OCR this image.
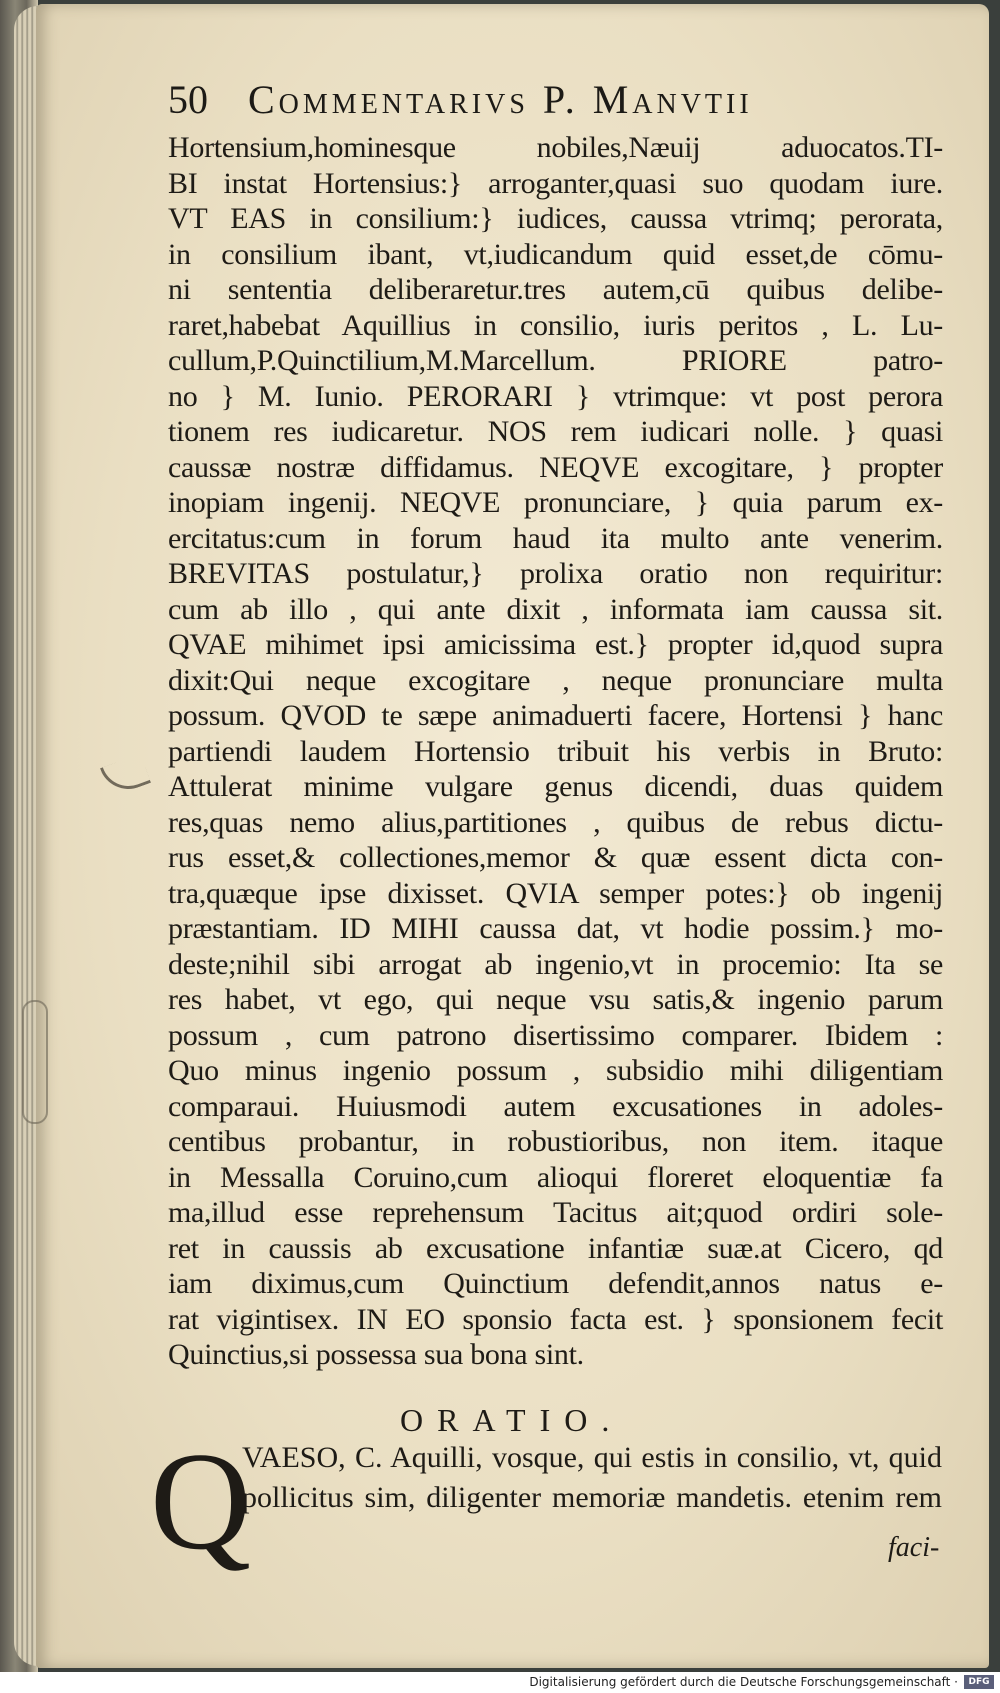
50 Commentarivs P. Manvtii
Hortensium,hominesque nobiles,Næuij aduocatos.TI-
BI instat Hortensius:} arroganter,quasi suo quodam iure.
VT EAS in consilium:} iudices, caussa vtrimq; perorata,
in consilium ibant, vt,iudicandum quid esset,de cōmu-
ni sententia deliberaretur.tres autem,cū quibus delibe-
raret,habebat Aquillius in consilio, iuris peritos , L. Lu-
cullum,P.Quinctilium,M.Marcellum. PRIORE patro-
no } M. Iunio. PERORARI } vtrimque: vt post perora
tionem res iudicaretur. NOS rem iudicari nolle. } quasi
caussæ nostræ diffidamus. NEQVE excogitare, } propter
inopiam ingenij. NEQVE pronunciare, } quia parum ex-
ercitatus:cum in forum haud ita multo ante venerim.
BREVITAS postulatur,} prolixa oratio non requiritur:
cum ab illo , qui ante dixit , informata iam caussa sit.
QVAE mihimet ipsi amicissima est.} propter id,quod supra
dixit:Qui neque excogitare , neque pronunciare multa
possum. QVOD te sæpe animaduerti facere, Hortensi } hanc
partiendi laudem Hortensio tribuit his verbis in Bruto:
Attulerat minime vulgare genus dicendi, duas quidem
res,quas nemo alius,partitiones , quibus de rebus dictu-
rus esset,& collectiones,memor & quæ essent dicta con-
tra,quæque ipse dixisset. QVIA semper potes:} ob ingenij
præstantiam. ID MIHI caussa dat, vt hodie possim.} mo-
deste;nihil sibi arrogat ab ingenio,vt in procemio: Ita se
res habet, vt ego, qui neque vsu satis,& ingenio parum
possum , cum patrono disertissimo comparer. Ibidem :
Quo minus ingenio possum , subsidio mihi diligentiam
comparaui. Huiusmodi autem excusationes in adoles-
centibus probantur, in robustioribus, non item. itaque
in Messalla Coruino,cum alioqui floreret eloquentiæ fa
ma,illud esse reprehensum Tacitus ait;quod ordiri sole-
ret in caussis ab excusatione infantiæ suæ.at Cicero, qd
iam diximus,cum Quinctium defendit,annos natus e-
rat vigintisex. IN EO sponsio facta est. } sponsionem fecit
Quinctius,si possessa sua bona sint.
ORATIO.
Q
VAESO, C. Aquilli, vosque, qui estis in consilio, vt, quid
pollicitus sim, diligenter memoriæ mandetis. etenim rem
faci-
Digitalisierung gefördert durch die Deutsche Forschungsgemeinschaft ·	DFG
